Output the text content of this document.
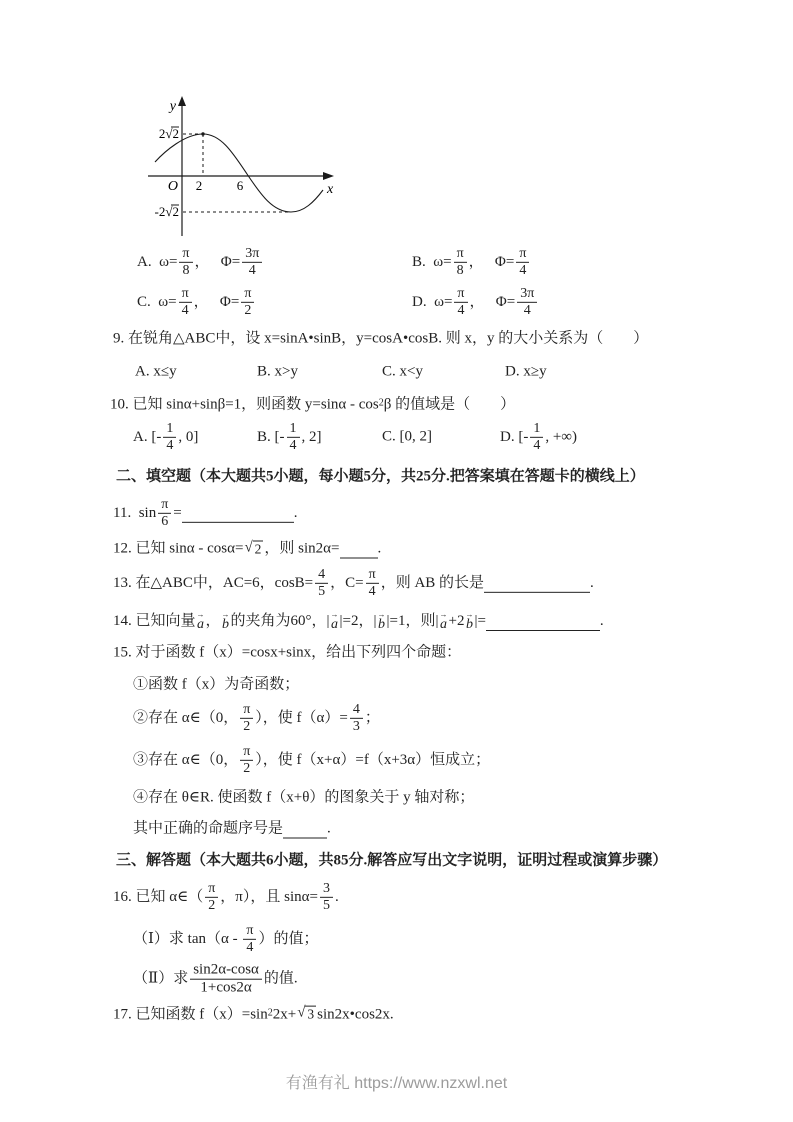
y
x
O 2	6
2√2
-2√2
A.  $\omega= \frac{\pi}{8}$ ，   $\Phi= \frac{3\pi}{4}$	B.  $\omega= \frac{\pi}{8}$ ，   $\Phi= \frac{\pi}{4}$
C.  $\omega= \frac{\pi}{4}$ ，   $\Phi= \frac{\pi}{2}$	D.  $\omega= \frac{\pi}{4}$ ，   $\Phi= \frac{3\pi}{4}$
9. 在锐角△ABC中，设 x=sinA•sinB，y=cosA•cosB. 则 x，y 的大小关系为（　　）
A. x≤y	B. x>y	C. x<y	D. x≥y
10. 已知 sinα+sinβ=1，则函数 y=sinα - cos 2 β 的值域是（　　）
A. [- $\frac{1}{4}$ , 0]	B. [- $\frac{1}{4}$ , 2]	C. [0, 2]	D. [- $\frac{1}{4}$ , +∞)
二、填空题（本大题共5小题，每小题5分，共25分.把答案填在答题卡的横线上）
11.  $\sin \frac{\pi}{6}$ =	.
12. 已知 sinα - cosα= √ 2 ，则 sin2α=	.
13. 在△ABC中，AC=6，$\cos B= \frac{4}{5}$ ，$C= \frac{\pi}{4}$ ，则 AB 的长是	.
14. 已知向量 →
a ， →
b 的夹角为60°，| →
a |=2，| →
b |=1，则| →
a +2 →
b |=	.
15. 对于函数 f（x）=cosx+sinx，给出下列四个命题：
①函数 f（x）为奇函数；
②存在 α∈（0， $\frac{\pi}{2}$ ），使 $f(\alpha)= \frac{4}{3}$ ；
③存在 α∈（0， $\frac{\pi}{2}$ ），使 f（x+α）=f（x+3α）恒成立；
④存在 θ∈R. 使函数 f（x+θ）的图象关于 y 轴对称；
其中正确的命题序号是	.
三、解答题（本大题共6小题，共85分.解答应写出文字说明，证明过程或演算步骤）
16. 已知 α∈（ $\frac{\pi}{2}$ ，π），且 $\sin\alpha= \frac{3}{5}$ .
（Ⅰ）求 $\tan(\alpha - \frac{\pi}{4}$ ）的值；
（Ⅱ）求 $\frac{\sin 2\alpha-\cos\alpha}{1+\cos 2\alpha}$ 的值.
17. 已知函数 f（x）=sin 2 2x+ √ 3 sin2x•cos2x.
有渔有礼 https://www.nzxwl.net
